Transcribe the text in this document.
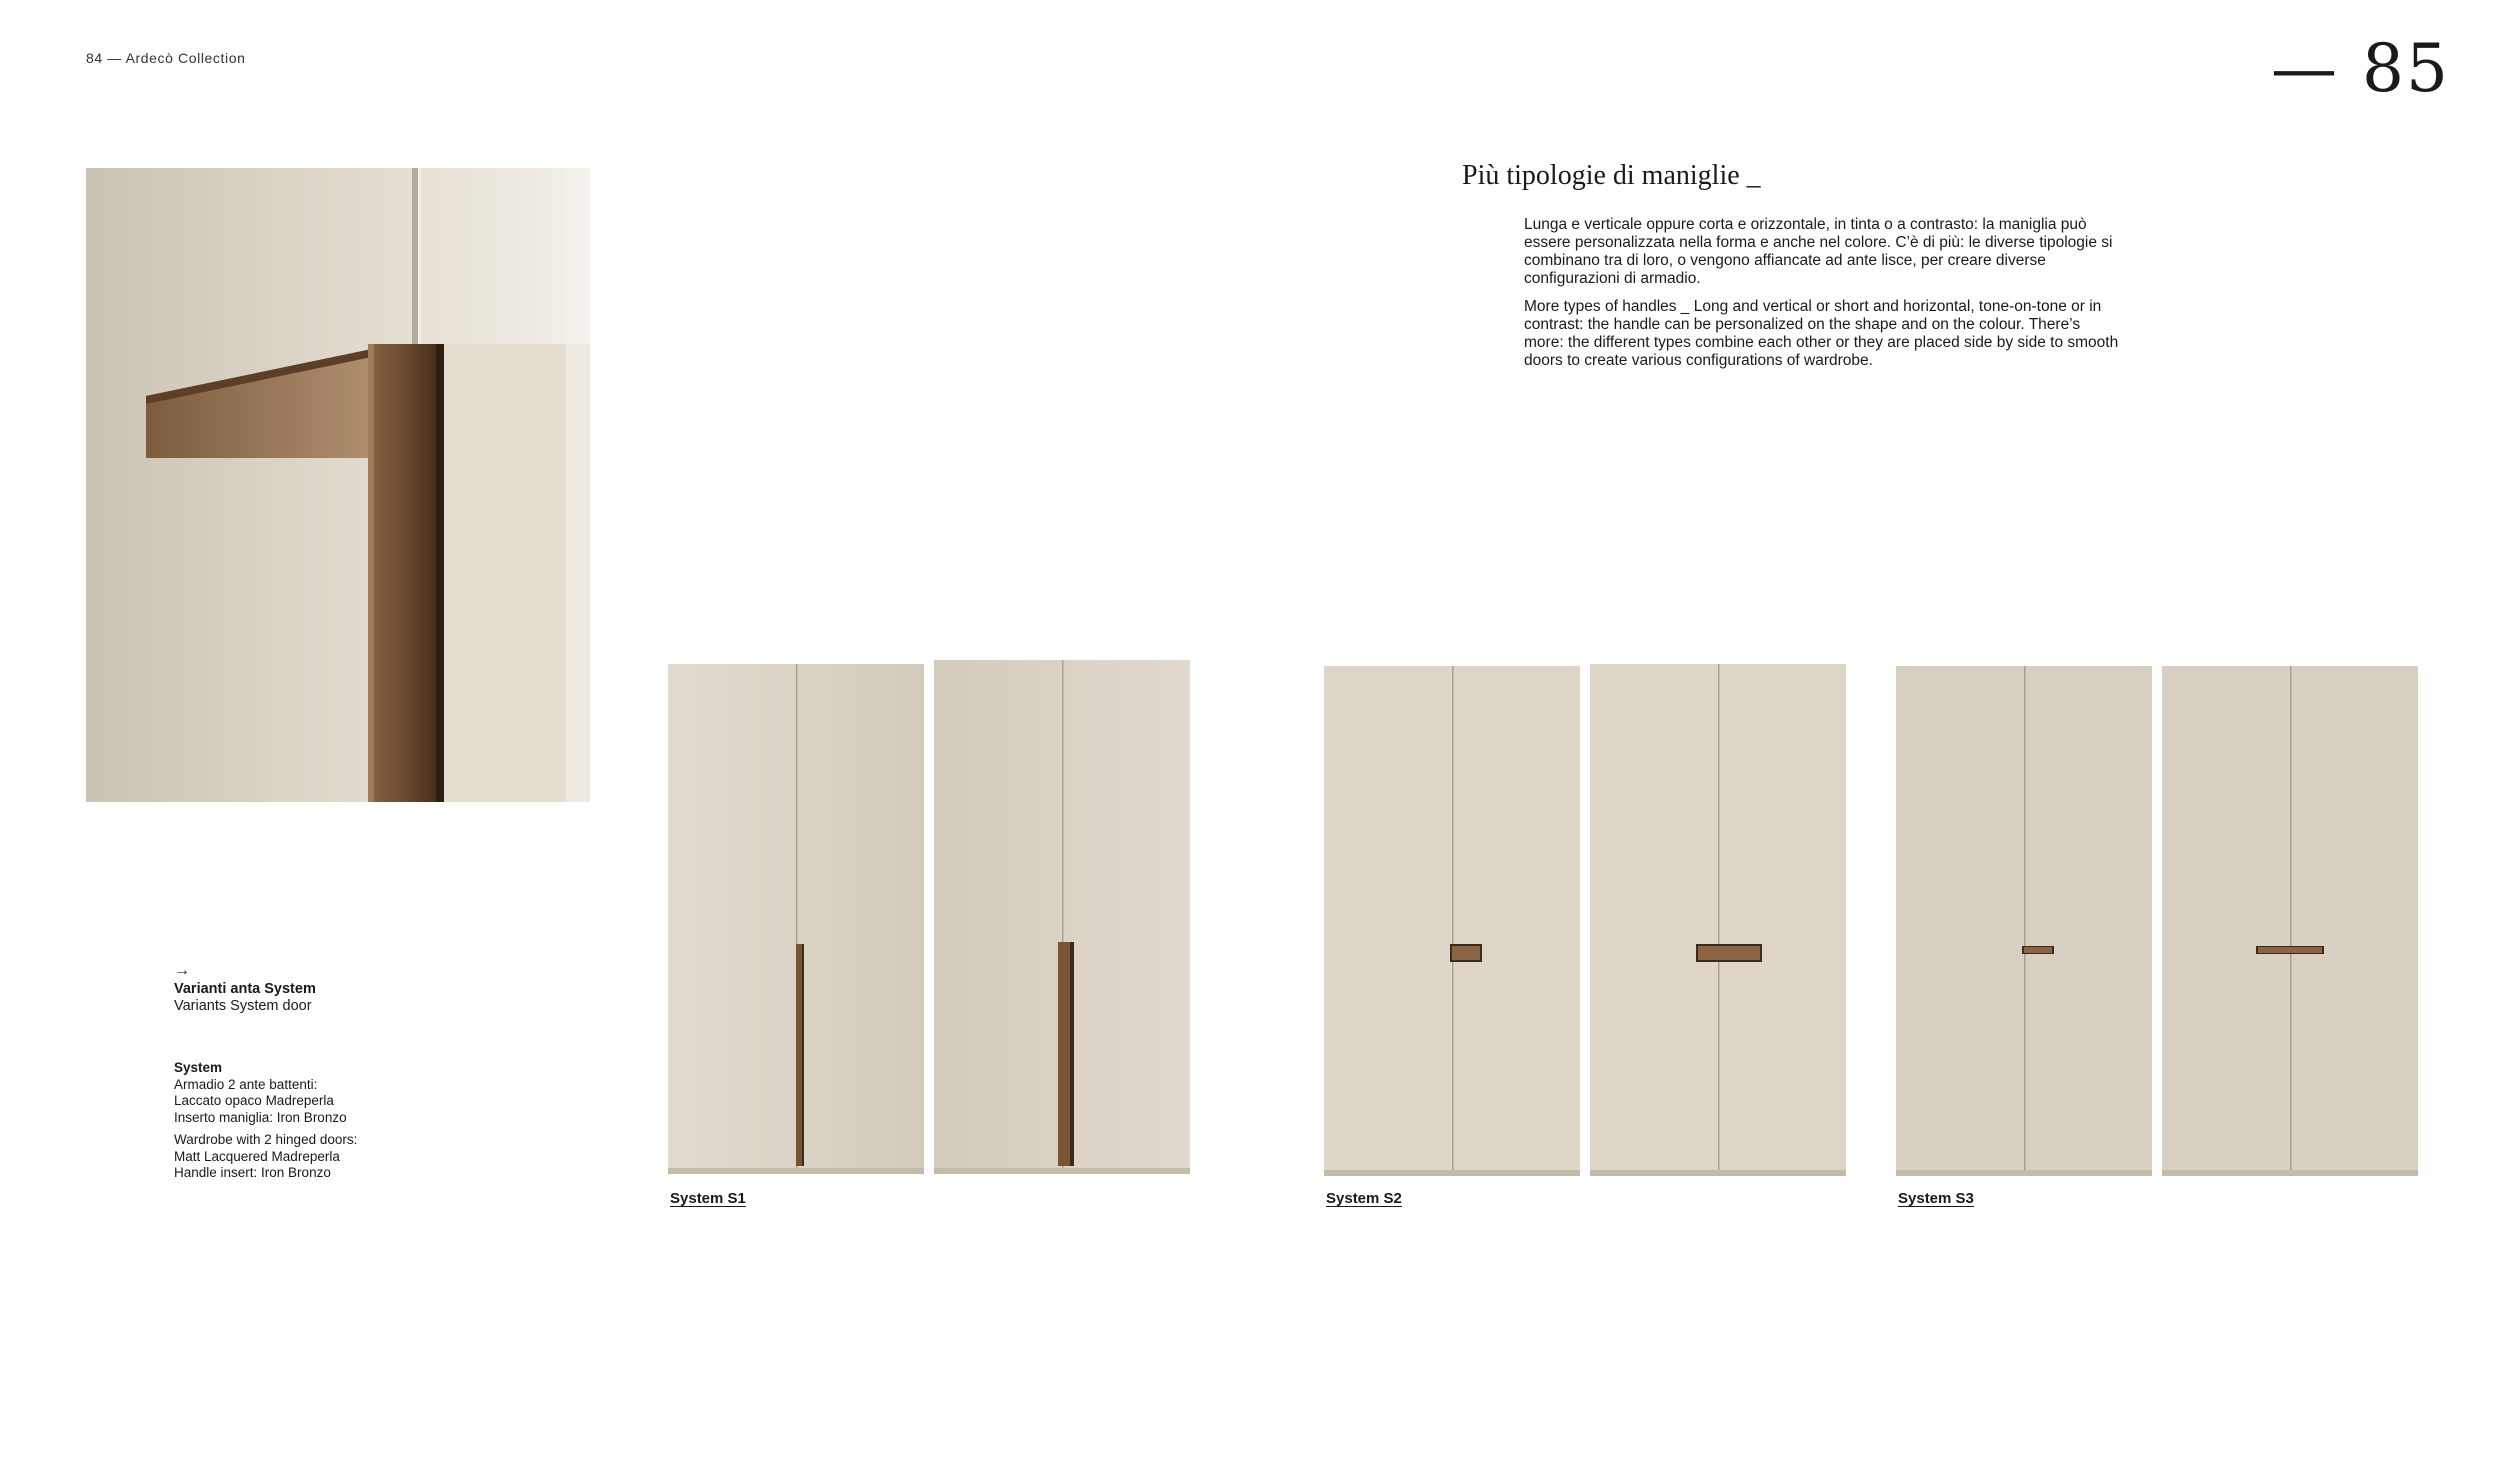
84 — Ardecò Collection	— 85
Più tipologie di maniglie _

Lunga e verticale oppure corta e orizzontale, in tinta o a contrasto: la maniglia può essere personalizzata nella forma e anche nel colore. C’è di più: le diverse tipologie si combinano tra di loro, o vengono affiancate ad ante lisce, per creare diverse configurazioni di armadio.

More types of handles _ Long and vertical or short and horizontal, tone-on-tone or in contrast: the handle can be personalized on the shape and on the colour. There’s more: the different types combine each other or they are placed side by side to smooth doors to create various configurations of wardrobe.

→
Varianti anta System
Variants System door
System
Armadio 2 ante battenti:
Laccato opaco Madreperla
Inserto maniglia: Iron Bronzo
Wardrobe with 2 hinged doors:
Matt Lacquered Madreperla
Handle insert: Iron Bronzo
System S1	System S2	System S3
